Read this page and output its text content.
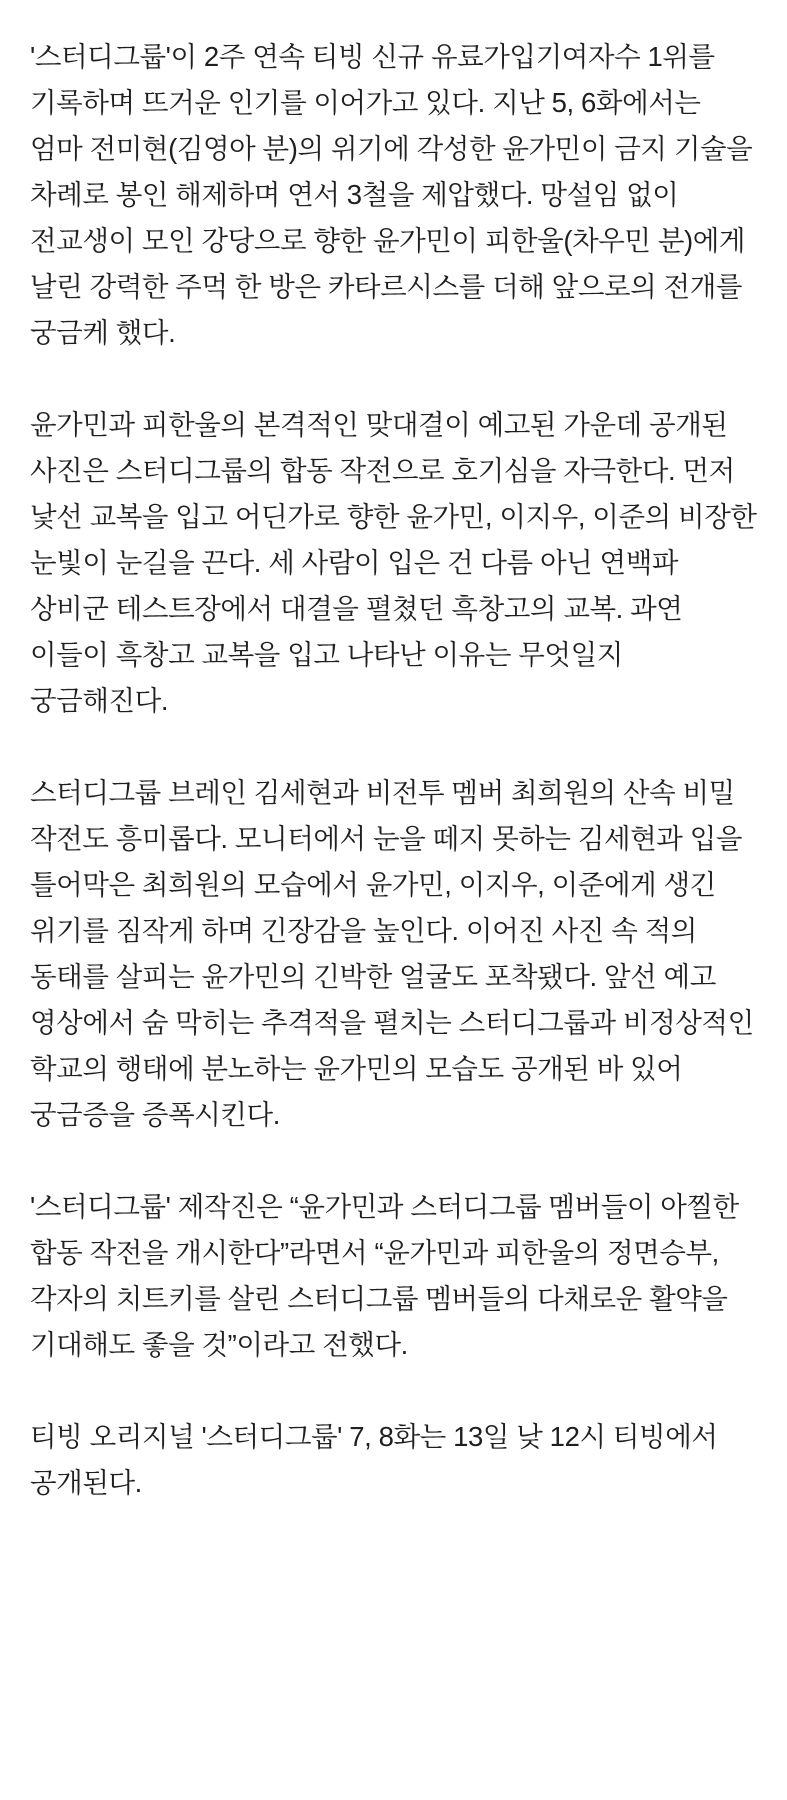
'스터디그룹'이 2주 연속 티빙 신규 유료가입기여자수 1위를 기록하며 뜨거운 인기를 이어가고 있다. 지난 5, 6화에서는 엄마 전미현(김영아 분)의 위기에 각성한 윤가민이 금지 기술을 차례로 봉인 해제하며 연서 3철을 제압했다. 망설임 없이 전교생이 모인 강당으로 향한 윤가민이 피한울(차우민 분)에게 날린 강력한 주먹 한 방은 카타르시스를 더해 앞으로의 전개를 궁금케 했다.

윤가민과 피한울의 본격적인 맞대결이 예고된 가운데 공개된 사진은 스터디그룹의 합동 작전으로 호기심을 자극한다. 먼저 낯선 교복을 입고 어딘가로 향한 윤가민, 이지우, 이준의 비장한 눈빛이 눈길을 끈다. 세 사람이 입은 건 다름 아닌 연백파 상비군 테스트장에서 대결을 펼쳤던 흑창고의 교복. 과연 이들이 흑창고 교복을 입고 나타난 이유는 무엇일지 궁금해진다.

스터디그룹 브레인 김세현과 비전투 멤버 최희원의 산속 비밀 작전도 흥미롭다. 모니터에서 눈을 떼지 못하는 김세현과 입을 틀어막은 최희원의 모습에서 윤가민, 이지우, 이준에게 생긴 위기를 짐작게 하며 긴장감을 높인다. 이어진 사진 속 적의 동태를 살피는 윤가민의 긴박한 얼굴도 포착됐다. 앞선 예고 영상에서 숨 막히는 추격적을 펼치는 스터디그룹과 비정상적인 학교의 행태에 분노하는 윤가민의 모습도 공개된 바 있어 궁금증을 증폭시킨다.

'스터디그룹' 제작진은 “윤가민과 스터디그룹 멤버들이 아찔한 합동 작전을 개시한다”라면서 “윤가민과 피한울의 정면승부, 각자의 치트키를 살린 스터디그룹 멤버들의 다채로운 활약을 기대해도 좋을 것”이라고 전했다.

티빙 오리지널 '스터디그룹' 7, 8화는 13일 낮 12시 티빙에서 공개된다.
